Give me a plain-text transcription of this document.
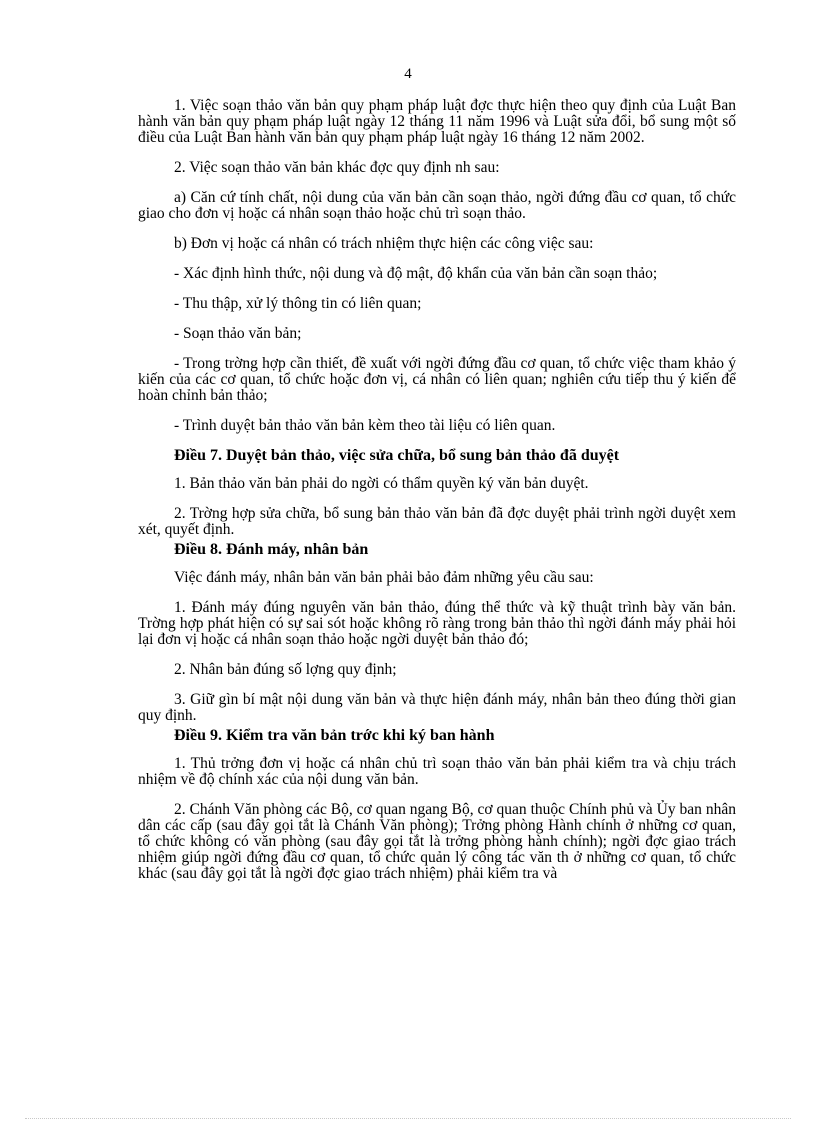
4

1. Việc soạn thảo văn bản quy phạm pháp luật đợc thực hiện theo quy định của Luật Ban hành văn bản quy phạm pháp luật ngày 12 tháng 11 năm 1996 và Luật sửa đổi, bổ sung một số điều của Luật Ban hành văn bản quy phạm pháp luật ngày 16 tháng 12 năm 2002.

2. Việc soạn thảo văn bản khác đợc quy định nh sau:

a) Căn cứ tính chất, nội dung của văn bản cần soạn thảo, ngời đứng đầu cơ quan, tổ chức giao cho đơn vị hoặc cá nhân soạn thảo hoặc chủ trì soạn thảo.

b) Đơn vị hoặc cá nhân có trách nhiệm thực hiện các công việc sau:

- Xác định hình thức, nội dung và độ mật, độ khẩn của văn bản cần soạn thảo;

- Thu thập, xử lý thông tin có liên quan;

- Soạn thảo văn bản;

- Trong trờng hợp cần thiết, đề xuất với ngời đứng đầu cơ quan, tổ chức việc tham khảo ý kiến của các cơ quan, tổ chức hoặc đơn vị, cá nhân có liên quan; nghiên cứu tiếp thu ý kiến để hoàn chỉnh bản thảo;

- Trình duyệt bản thảo văn bản kèm theo tài liệu có liên quan.

Điều 7. Duyệt bản thảo, việc sửa chữa, bổ sung bản thảo đã duyệt

1. Bản thảo văn bản phải do ngời có thẩm quyền ký văn bản duyệt.

2. Trờng hợp sửa chữa, bổ sung bản thảo văn bản đã đợc duyệt phải trình ngời duyệt xem xét, quyết định.

Điều 8. Đánh máy, nhân bản

Việc đánh máy, nhân bản văn bản phải bảo đảm những yêu cầu sau:

1. Đánh máy đúng nguyên văn bản thảo, đúng thể thức và kỹ thuật trình bày văn bản. Trờng hợp phát hiện có sự sai sót hoặc không rõ ràng trong bản thảo thì ngời đánh máy phải hỏi lại đơn vị hoặc cá nhân soạn thảo hoặc ngời duyệt bản thảo đó;

2. Nhân bản đúng số lợng quy định;

3. Giữ gìn bí mật nội dung văn bản và thực hiện đánh máy, nhân bản theo đúng thời gian quy định.

Điều 9. Kiểm tra văn bản trớc khi ký ban hành

1. Thủ trởng đơn vị hoặc cá nhân chủ trì soạn thảo văn bản phải kiểm tra và chịu trách nhiệm về độ chính xác của nội dung văn bản.

2. Chánh Văn phòng các Bộ, cơ quan ngang Bộ, cơ quan thuộc Chính phủ và Ủy ban nhân dân các cấp (sau đây gọi tắt là Chánh Văn phòng); Trởng phòng Hành chính ở những cơ quan, tổ chức không có văn phòng (sau đây gọi tắt là trởng phòng hành chính); ngời đợc giao trách nhiệm giúp ngời đứng đầu cơ quan, tổ chức quản lý công tác văn th ở những cơ quan, tổ chức khác (sau đây gọi tắt là ngời đợc giao trách nhiệm) phải kiểm tra và
